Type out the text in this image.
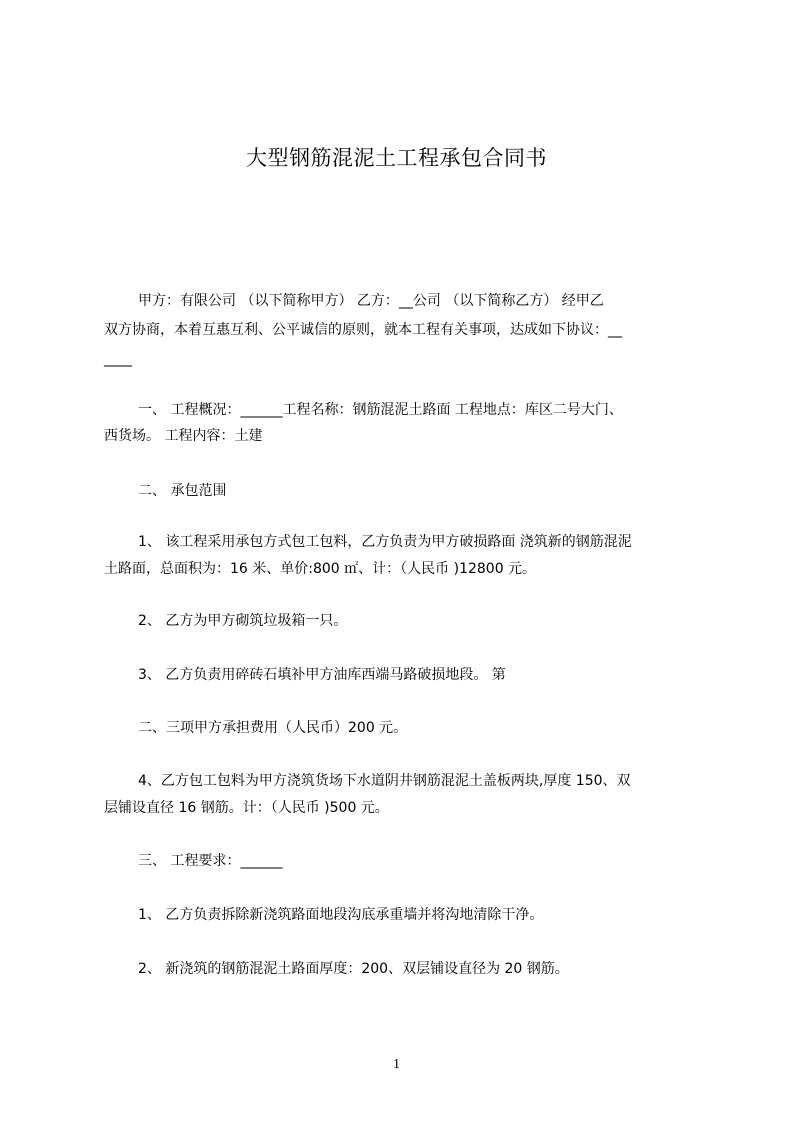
大型钢筋混泥土工程承包合同书
甲方：有限公司 （以下简称甲方） 乙方：__公司 （以下简称乙方） 经甲乙
双方协商，本着互惠互利、公平诚信的原则，就本工程有关事项，达成如下协议：__
____
一、 工程概况：______工程名称：钢筋混泥土路面 工程地点：库区二号大门、
西货场。 工程内容：土建
二、 承包范围
1、 该工程采用承包方式包工包料，乙方负责为甲方破损路面 浇筑新的钢筋混泥
土路面，总面积为：16 米、单价:800 ㎡、计：（人民币 )12800 元。
2、 乙方为甲方砌筑垃圾箱一只。
3、 乙方负责用碎砖石填补甲方油库西端马路破损地段。 第
二、三项甲方承担费用（人民币）200 元。
4、乙方包工包料为甲方浇筑货场下水道阴井钢筋混泥土盖板两块,厚度 150、双
层铺设直径 16 钢筋。计：（人民币 )500 元。
三、 工程要求：______
1、 乙方负责拆除新浇筑路面地段沟底承重墙并将沟地清除干净。
2、 新浇筑的钢筋混泥土路面厚度：200、双层铺设直径为 20 钢筋。
1
